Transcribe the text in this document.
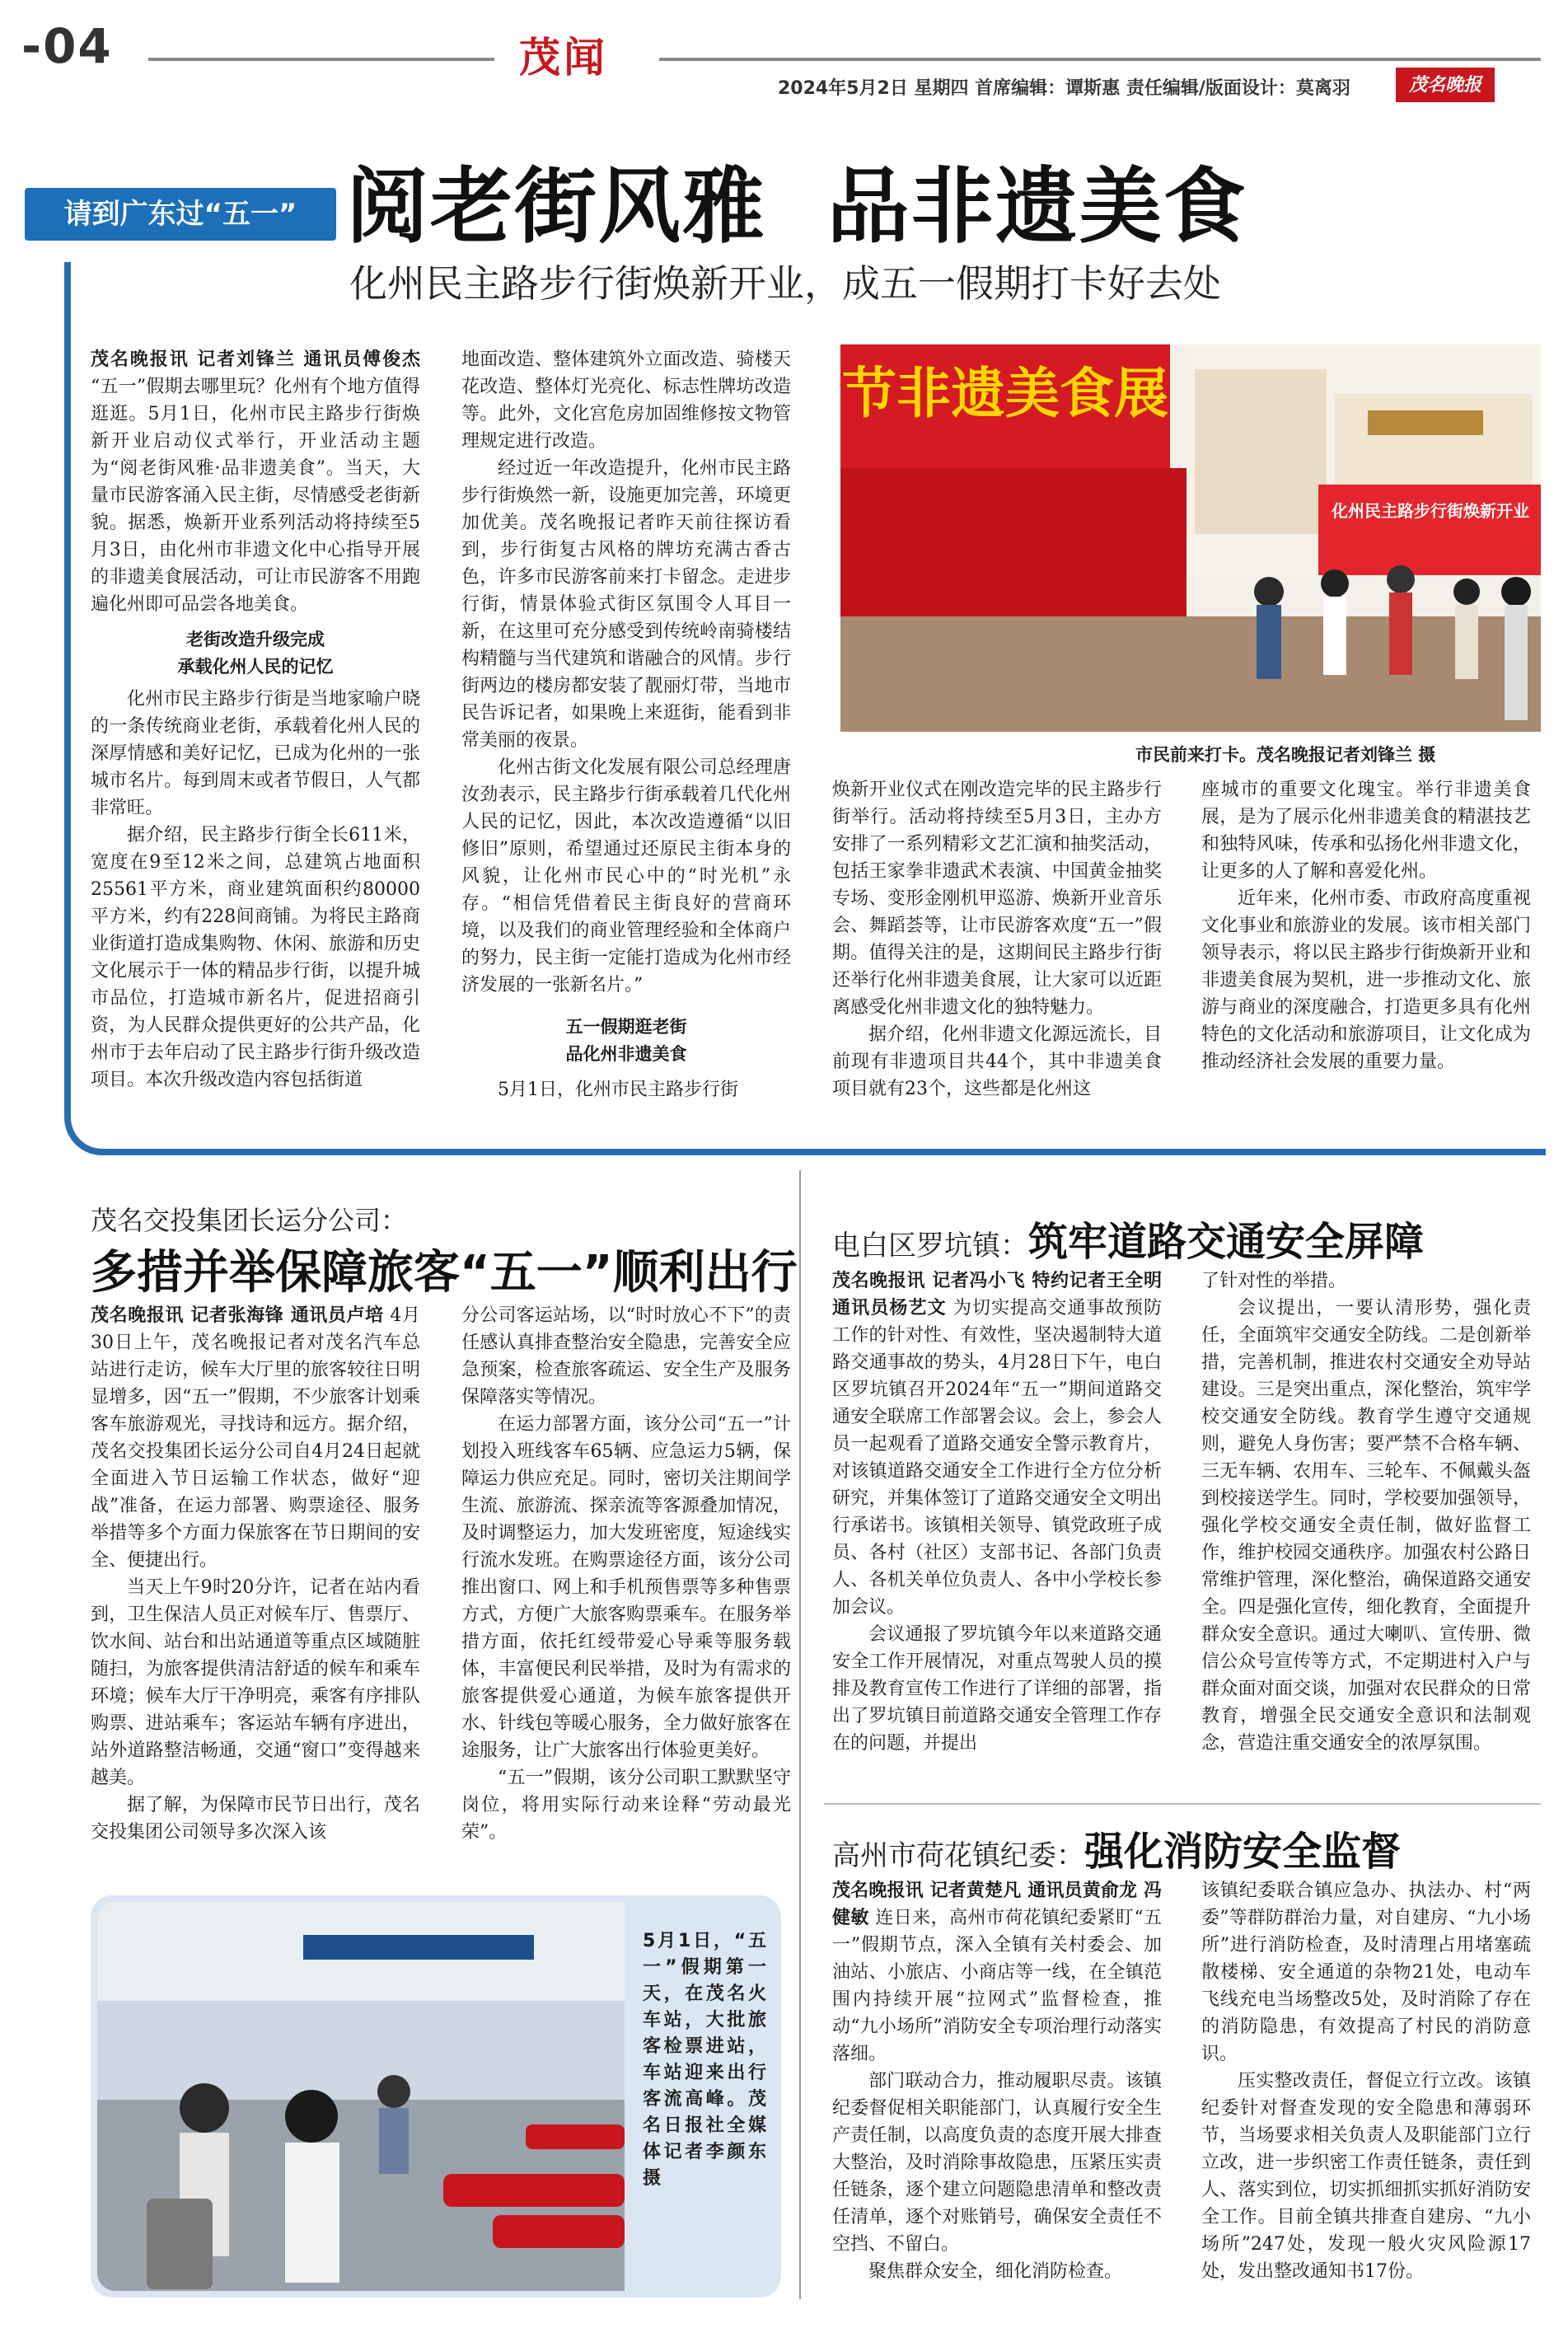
-04	茂闻
2024年5月2日 星期四 首席编辑：谭斯惠 责任编辑/版面设计：莫离羽	茂名晚报
请到广东过“五一” 阅老街风雅  品非遗美食
化州民主路步行街焕新开业，成五一假期打卡好去处

茂名晚报讯 记者刘锋兰 通讯员傅俊杰 “五一”假期去哪里玩？化州有个地方值得逛逛。5月1日，化州市民主路步行街焕新开业启动仪式举行，开业活动主题为“阅老街风雅·品非遗美食”。当天，大量市民游客涌入民主街，尽情感受老街新貌。据悉，焕新开业系列活动将持续至5月3日，由化州市非遗文化中心指导开展的非遗美食展活动，可让市民游客不用跑遍化州即可品尝各地美食。

老街改造升级完成
承载化州人民的记忆

化州市民主路步行街是当地家喻户晓的一条传统商业老街，承载着化州人民的深厚情感和美好记忆，已成为化州的一张城市名片。每到周末或者节假日，人气都非常旺。

据介绍，民主路步行街全长611米，宽度在9至12米之间，总建筑占地面积25561平方米，商业建筑面积约80000平方米，约有228间商铺。为将民主路商业街道打造成集购物、休闲、旅游和历史文化展示于一体的精品步行街，以提升城市品位，打造城市新名片，促进招商引资，为人民群众提供更好的公共产品，化州市于去年启动了民主路步行街升级改造项目。本次升级改造内容包括街道

地面改造、整体建筑外立面改造、骑楼天花改造、整体灯光亮化、标志性牌坊改造等。此外，文化宫危房加固维修按文物管理规定进行改造。

经过近一年改造提升，化州市民主路步行街焕然一新，设施更加完善，环境更加优美。茂名晚报记者昨天前往探访看到，步行街复古风格的牌坊充满古香古色，许多市民游客前来打卡留念。走进步行街，情景体验式街区氛围令人耳目一新，在这里可充分感受到传统岭南骑楼结构精髓与当代建筑和谐融合的风情。步行街两边的楼房都安装了靓丽灯带，当地市民告诉记者，如果晚上来逛街，能看到非常美丽的夜景。

化州古街文化发展有限公司总经理唐汝劲表示，民主路步行街承载着几代化州人民的记忆，因此，本次改造遵循“以旧修旧”原则，希望通过还原民主街本身的风貌，让化州市民心中的“时光机”永存。“相信凭借着民主街良好的营商环境，以及我们的商业管理经验和全体商户的努力，民主街一定能打造成为化州市经济发展的一张新名片。”

五一假期逛老街
品化州非遗美食

5月1日，化州市民主路步行街

节非遗美食展
化州民主路步行街焕新开业
市民前来打卡。茂名晚报记者刘锋兰 摄

焕新开业仪式在刚改造完毕的民主路步行街举行。活动将持续至5月3日，主办方安排了一系列精彩文艺汇演和抽奖活动，包括王家拳非遗武术表演、中国黄金抽奖专场、变形金刚机甲巡游、焕新开业音乐会、舞蹈荟等，让市民游客欢度“五一”假期。值得关注的是，这期间民主路步行街还举行化州非遗美食展，让大家可以近距离感受化州非遗文化的独特魅力。

据介绍，化州非遗文化源远流长，目前现有非遗项目共44个，其中非遗美食项目就有23个，这些都是化州这

座城市的重要文化瑰宝。举行非遗美食展，是为了展示化州非遗美食的精湛技艺和独特风味，传承和弘扬化州非遗文化，让更多的人了解和喜爱化州。

近年来，化州市委、市政府高度重视文化事业和旅游业的发展。该市相关部门领导表示，将以民主路步行街焕新开业和非遗美食展为契机，进一步推动文化、旅游与商业的深度融合，打造更多具有化州特色的文化活动和旅游项目，让文化成为推动经济社会发展的重要力量。

茂名交投集团长运分公司：
多措并举保障旅客“五一”顺利出行

茂名晚报讯 记者张海锋 通讯员卢培 4月30日上午，茂名晚报记者对茂名汽车总站进行走访，候车大厅里的旅客较往日明显增多，因“五一”假期，不少旅客计划乘客车旅游观光，寻找诗和远方。据介绍，茂名交投集团长运分公司自4月24日起就全面进入节日运输工作状态，做好“迎战”准备，在运力部署、购票途径、服务举措等多个方面力保旅客在节日期间的安全、便捷出行。

当天上午9时20分许，记者在站内看到，卫生保洁人员正对候车厅、售票厅、饮水间、站台和出站通道等重点区域随脏随扫，为旅客提供清洁舒适的候车和乘车环境；候车大厅干净明亮，乘客有序排队购票、进站乘车；客运站车辆有序进出，站外道路整洁畅通，交通“窗口”变得越来越美。

据了解，为保障市民节日出行，茂名交投集团公司领导多次深入该

分公司客运站场，以“时时放心不下”的责任感认真排查整治安全隐患，完善安全应急预案，检查旅客疏运、安全生产及服务保障落实等情况。

在运力部署方面，该分公司“五一”计划投入班线客车65辆、应急运力5辆，保障运力供应充足。同时，密切关注期间学生流、旅游流、探亲流等客源叠加情况，及时调整运力，加大发班密度，短途线实行流水发班。在购票途径方面，该分公司推出窗口、网上和手机预售票等多种售票方式，方便广大旅客购票乘车。在服务举措方面，依托红绶带爱心导乘等服务载体，丰富便民利民举措，及时为有需求的旅客提供爱心通道，为候车旅客提供开水、针线包等暖心服务，全力做好旅客在途服务，让广大旅客出行体验更美好。

“五一”假期，该分公司职工默默坚守岗位，将用实际行动来诠释“劳动最光荣”。

5月1日，“五一”假期第一天，在茂名火车站，大批旅客检票进站，车站迎来出行客流高峰。茂名日报社全媒体记者李颜东 摄
电白区罗坑镇：筑牢道路交通安全屏障

茂名晚报讯 记者冯小飞 特约记者王全明 通讯员杨艺文 为切实提高交通事故预防工作的针对性、有效性，坚决遏制特大道路交通事故的势头，4月28日下午，电白区罗坑镇召开2024年“五一”期间道路交通安全联席工作部署会议。会上，参会人员一起观看了道路交通安全警示教育片，对该镇道路交通安全工作进行全方位分析研究，并集体签订了道路交通安全文明出行承诺书。该镇相关领导、镇党政班子成员、各村（社区）支部书记、各部门负责人、各机关单位负责人、各中小学校长参加会议。

会议通报了罗坑镇今年以来道路交通安全工作开展情况，对重点驾驶人员的摸排及教育宣传工作进行了详细的部署，指出了罗坑镇目前道路交通安全管理工作存在的问题，并提出

了针对性的举措。

会议提出，一要认清形势，强化责任，全面筑牢交通安全防线。二是创新举措，完善机制，推进农村交通安全劝导站建设。三是突出重点，深化整治，筑牢学校交通安全防线。教育学生遵守交通规则，避免人身伤害；要严禁不合格车辆、三无车辆、农用车、三轮车、不佩戴头盔到校接送学生。同时，学校要加强领导，强化学校交通安全责任制，做好监督工作，维护校园交通秩序。加强农村公路日常维护管理，深化整治，确保道路交通安全。四是强化宣传，细化教育，全面提升群众安全意识。通过大喇叭、宣传册、微信公众号宣传等方式，不定期进村入户与群众面对面交谈，加强对农民群众的日常教育，增强全民交通安全意识和法制观念，营造注重交通安全的浓厚氛围。

高州市荷花镇纪委：强化消防安全监督

茂名晚报讯 记者黄楚凡 通讯员黄俞龙 冯健敏 连日来，高州市荷花镇纪委紧盯“五一”假期节点，深入全镇有关村委会、加油站、小旅店、小商店等一线，在全镇范围内持续开展“拉网式”监督检查，推动“九小场所”消防安全专项治理行动落实落细。

部门联动合力，推动履职尽责。该镇纪委督促相关职能部门，认真履行安全生产责任制，以高度负责的态度开展大排查大整治，及时消除事故隐患，压紧压实责任链条，逐个建立问题隐患清单和整改责任清单，逐个对账销号，确保安全责任不空挡、不留白。

聚焦群众安全，细化消防检查。

该镇纪委联合镇应急办、执法办、村“两委”等群防群治力量，对自建房、“九小场所”进行消防检查，及时清理占用堵塞疏散楼梯、安全通道的杂物21处，电动车飞线充电当场整改5处，及时消除了存在的消防隐患，有效提高了村民的消防意识。

压实整改责任，督促立行立改。该镇纪委针对督查发现的安全隐患和薄弱环节，当场要求相关负责人及职能部门立行立改，进一步织密工作责任链条，责任到人、落实到位，切实抓细抓实抓好消防安全工作。目前全镇共排查自建房、“九小场所”247处，发现一般火灾风险源17处，发出整改通知书17份。
